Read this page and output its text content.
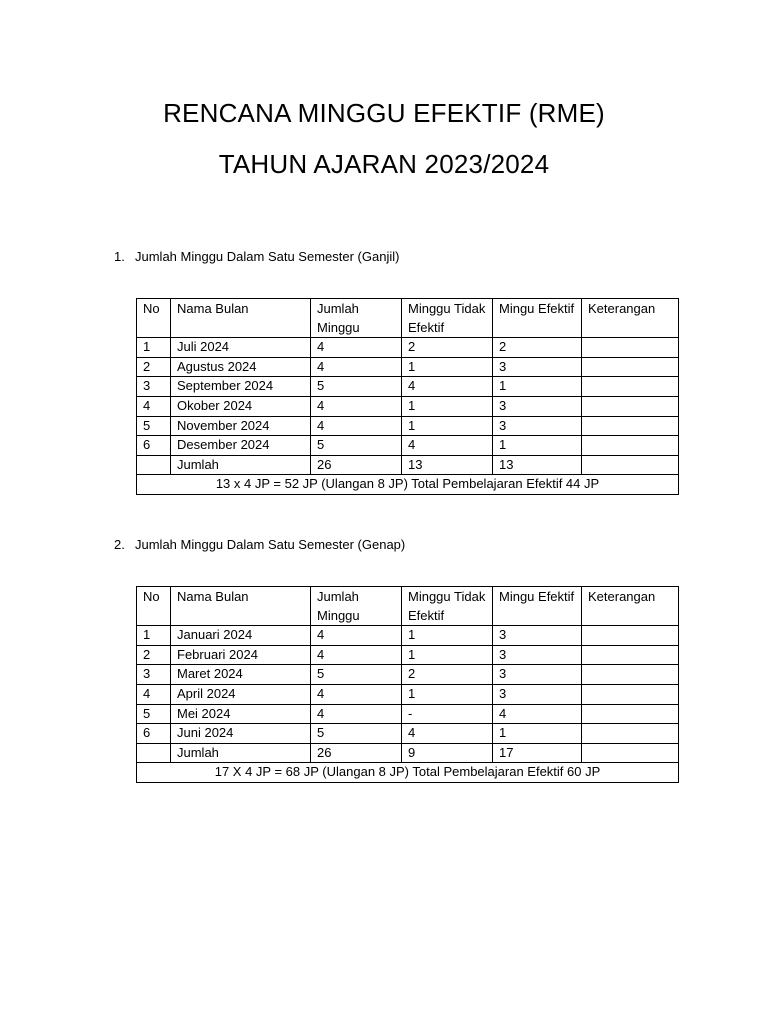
RENCANA MINGGU EFEKTIF (RME)
TAHUN AJARAN 2023/2024

1. Jumlah Minggu Dalam Satu Semester (Ganjil)

No	Nama Bulan	Jumlah Minggu	Minggu Tidak Efektif	Mingu Efektif	Keterangan
1	Juli 2024	4	2	2	
2	Agustus 2024	4	1	3	
3	September 2024	5	4	1	
4	Okober 2024	4	1	3	
5	November 2024	4	1	3	
6	Desember 2024	5	4	1	
	Jumlah	26	13	13	
13 x 4 JP = 52 JP (Ulangan 8 JP) Total Pembelajaran Efektif 44 JP					

2. Jumlah Minggu Dalam Satu Semester (Genap)

No	Nama Bulan	Jumlah Minggu	Minggu Tidak Efektif	Mingu Efektif	Keterangan
1	Januari 2024	4	1	3	
2	Februari 2024	4	1	3	
3	Maret 2024	5	2	3	
4	April 2024	4	1	3	
5	Mei 2024	4	-	4	
6	Juni 2024	5	4	1	
	Jumlah	26	9	17	
17 X 4 JP = 68 JP (Ulangan 8 JP) Total Pembelajaran Efektif 60 JP					
